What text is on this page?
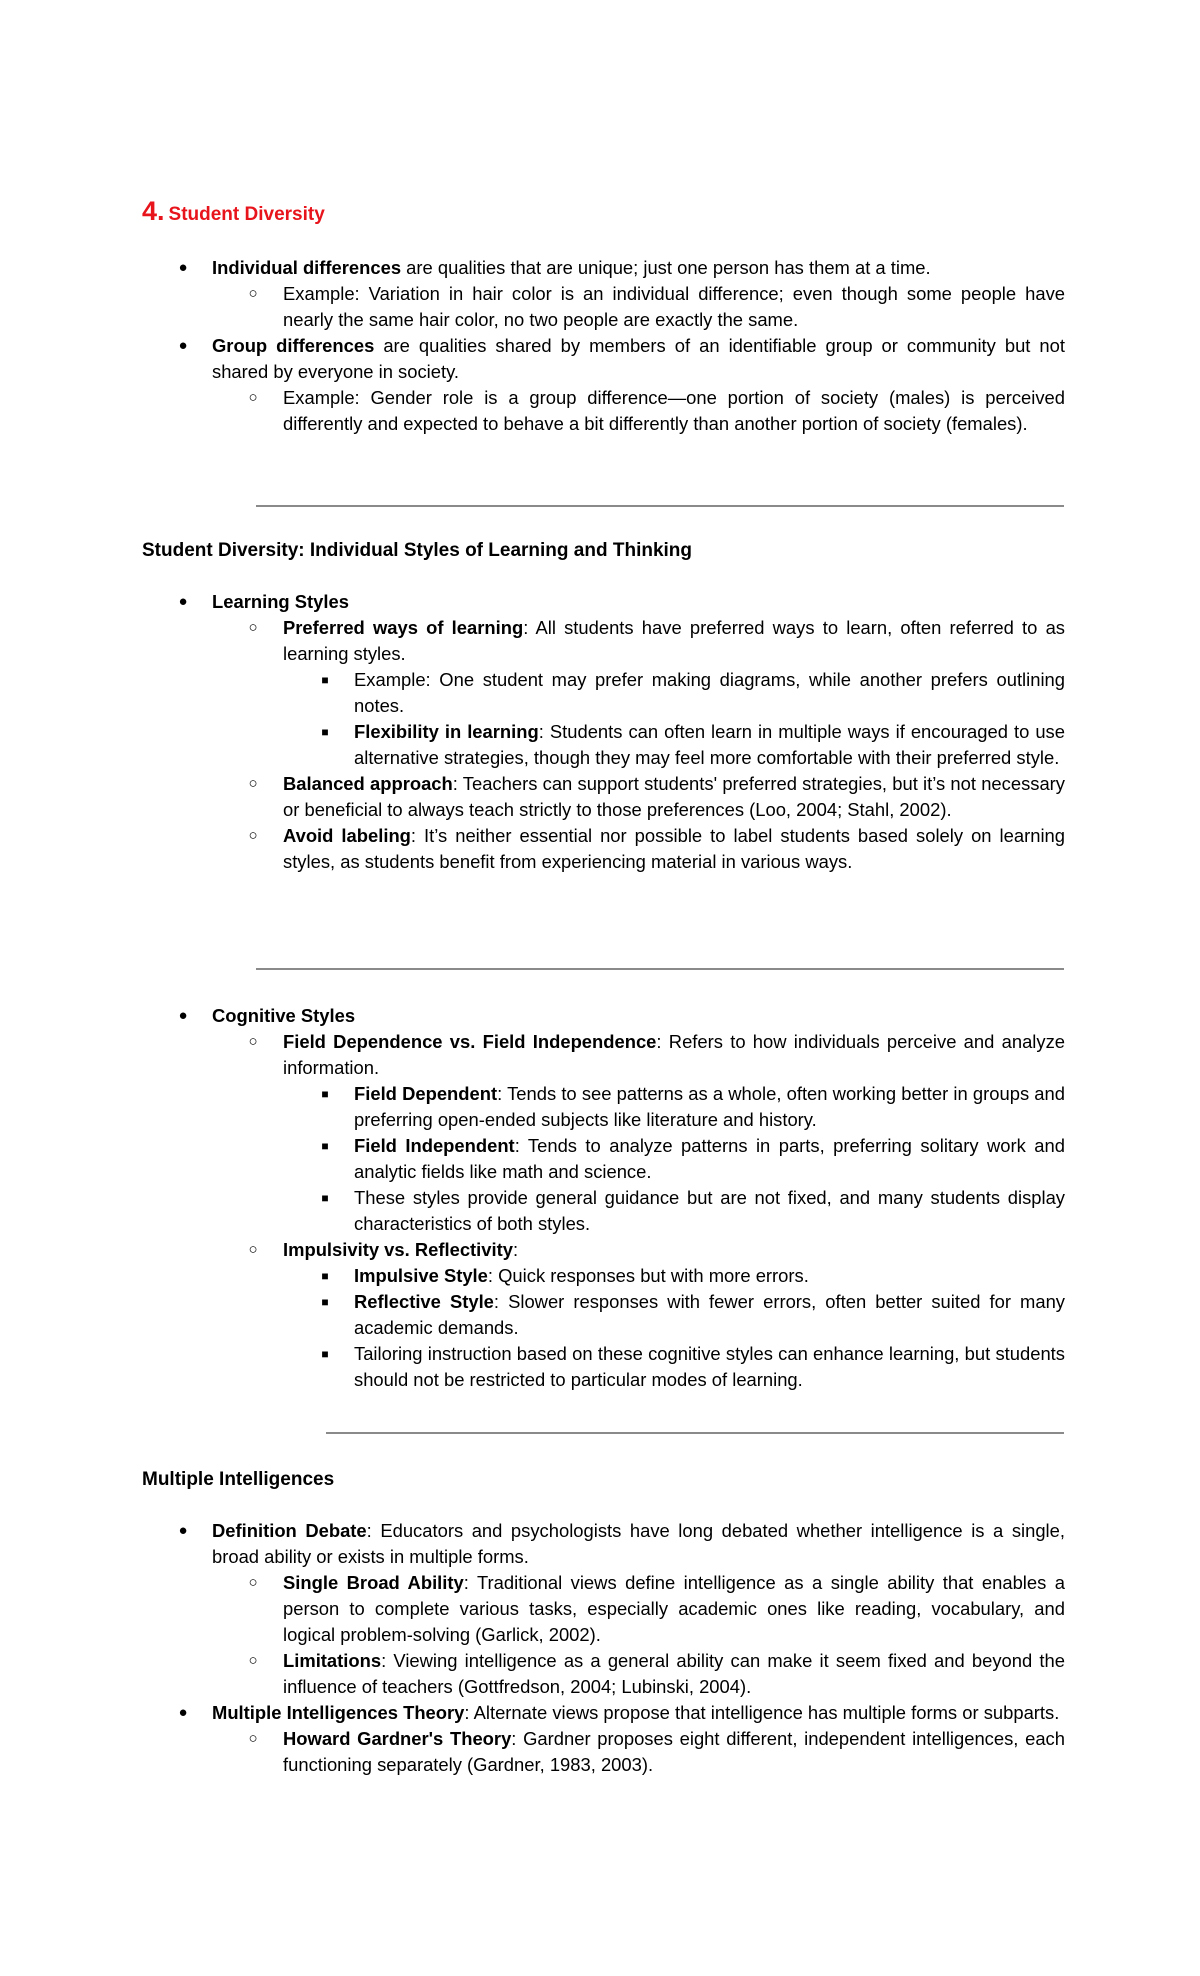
4. Student Diversity
● Individual differences are qualities that are unique; just one person has them at a time.
○ Example: Variation in hair color is an individual difference; even though some people have nearly the same hair color, no two people are exactly the same.
● Group differences are qualities shared by members of an identifiable group or community but not shared by everyone in society.
○ Example: Gender role is a group difference—one portion of society (males) is perceived differently and expected to behave a bit differently than another portion of society (females).
Student Diversity: Individual Styles of Learning and Thinking
● Learning Styles
○ Preferred ways of learning: All students have preferred ways to learn, often referred to as learning styles.
■ Example: One student may prefer making diagrams, while another prefers outlining notes.
■ Flexibility in learning: Students can often learn in multiple ways if encouraged to use alternative strategies, though they may feel more comfortable with their preferred style.
○ Balanced approach: Teachers can support students' preferred strategies, but it’s not necessary or beneficial to always teach strictly to those preferences (Loo, 2004; Stahl, 2002).
○ Avoid labeling: It’s neither essential nor possible to label students based solely on learning styles, as students benefit from experiencing material in various ways.
● Cognitive Styles
○ Field Dependence vs. Field Independence: Refers to how individuals perceive and analyze information.
■ Field Dependent: Tends to see patterns as a whole, often working better in groups and preferring open-ended subjects like literature and history.
■ Field Independent: Tends to analyze patterns in parts, preferring solitary work and analytic fields like math and science.
■ These styles provide general guidance but are not fixed, and many students display characteristics of both styles.
○ Impulsivity vs. Reflectivity:
■ Impulsive Style: Quick responses but with more errors.
■ Reflective Style: Slower responses with fewer errors, often better suited for many academic demands.
■ Tailoring instruction based on these cognitive styles can enhance learning, but students should not be restricted to particular modes of learning.
Multiple Intelligences
● Definition Debate: Educators and psychologists have long debated whether intelligence is a single, broad ability or exists in multiple forms.
○ Single Broad Ability: Traditional views define intelligence as a single ability that enables a person to complete various tasks, especially academic ones like reading, vocabulary, and logical problem-solving (Garlick, 2002).
○ Limitations: Viewing intelligence as a general ability can make it seem fixed and beyond the influence of teachers (Gottfredson, 2004; Lubinski, 2004).
● Multiple Intelligences Theory: Alternate views propose that intelligence has multiple forms or subparts.
○ Howard Gardner's Theory: Gardner proposes eight different, independent intelligences, each functioning separately (Gardner, 1983, 2003).
